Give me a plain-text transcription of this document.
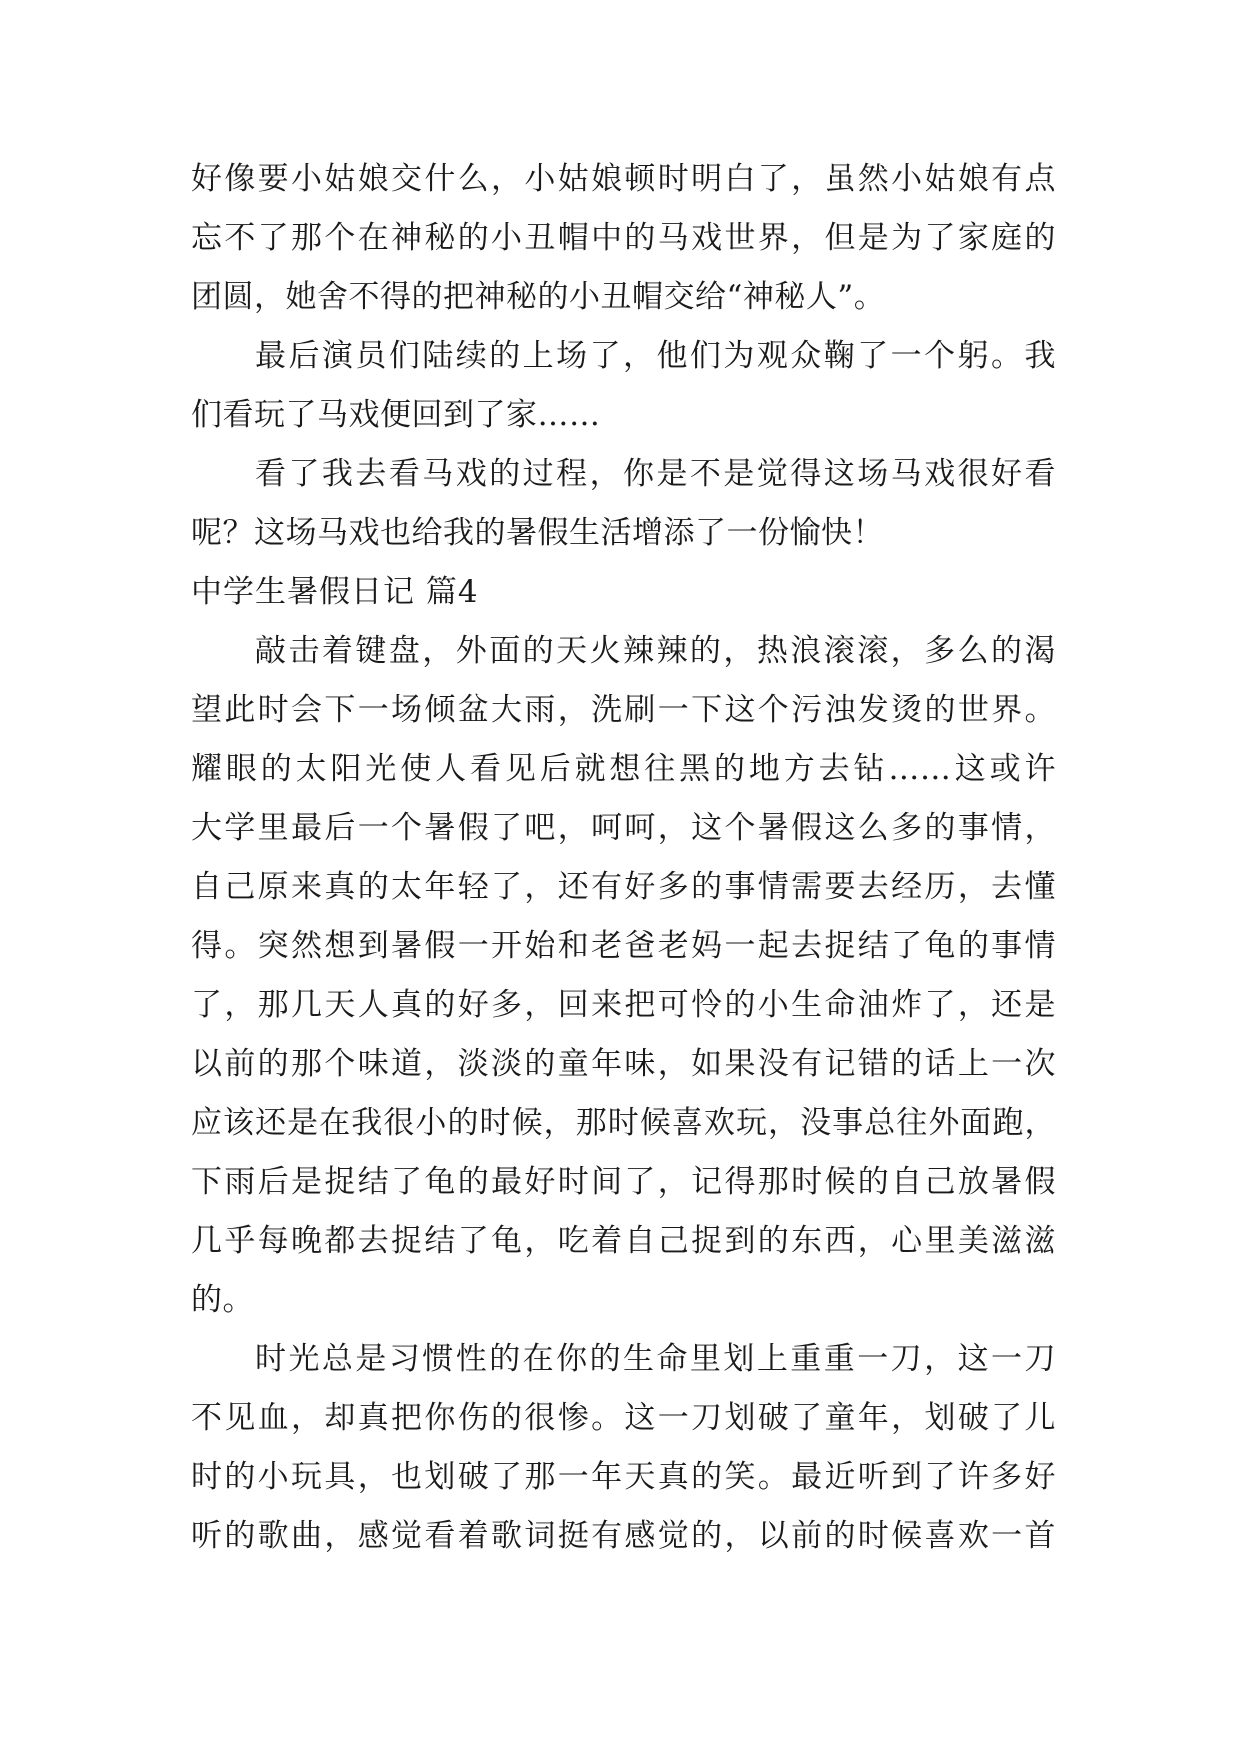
好像要小姑娘交什么，小姑娘顿时明白了，虽然小姑娘有点
忘不了那个在神秘的小丑帽中的马戏世界，但是为了家庭的
团圆，她舍不得的把神秘的小丑帽交给“神秘人”。
最后演员们陆续的上场了，他们为观众鞠了一个躬。我
们看玩了马戏便回到了家……
看了我去看马戏的过程，你是不是觉得这场马戏很好看
呢？这场马戏也给我的暑假生活增添了一份愉快！
中学生暑假日记 篇4
敲击着键盘，外面的天火辣辣的，热浪滚滚，多么的渴
望此时会下一场倾盆大雨，洗刷一下这个污浊发烫的世界。
耀眼的太阳光使人看见后就想往黑的地方去钻……这或许
大学里最后一个暑假了吧，呵呵，这个暑假这么多的事情，
自己原来真的太年轻了，还有好多的事情需要去经历，去懂
得。突然想到暑假一开始和老爸老妈一起去捉结了龟的事情
了，那几天人真的好多，回来把可怜的小生命油炸了，还是
以前的那个味道，淡淡的童年味，如果没有记错的话上一次
应该还是在我很小的时候，那时候喜欢玩，没事总往外面跑，
下雨后是捉结了龟的最好时间了，记得那时候的自己放暑假
几乎每晚都去捉结了龟，吃着自己捉到的东西，心里美滋滋
的。
时光总是习惯性的在你的生命里划上重重一刀，这一刀
不见血，却真把你伤的很惨。这一刀划破了童年，划破了儿
时的小玩具，也划破了那一年天真的笑。最近听到了许多好
听的歌曲，感觉看着歌词挺有感觉的，以前的时候喜欢一首
